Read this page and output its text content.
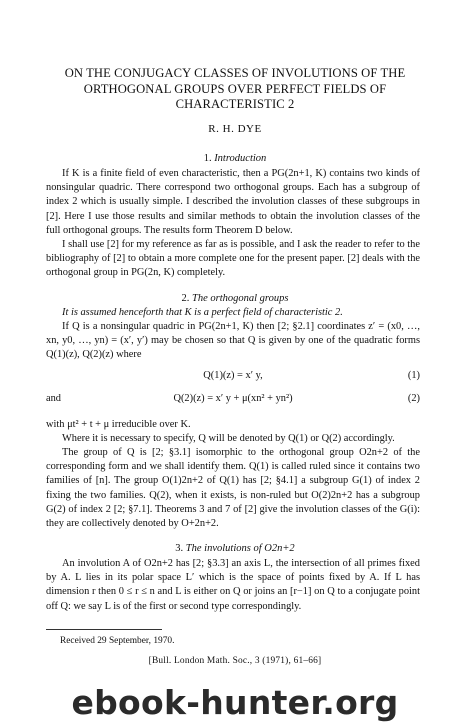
ON THE CONJUGACY CLASSES OF INVOLUTIONS OF THE ORTHOGONAL GROUPS OVER PERFECT FIELDS OF CHARACTERISTIC 2
R. H. DYE
1. Introduction
If K is a finite field of even characteristic, then a PG(2n+1, K) contains two kinds of nonsingular quadric. There correspond two orthogonal groups. Each has a subgroup of index 2 which is usually simple. I described the involution classes of these subgroups in [2]. Here I use those results and similar methods to obtain the involution classes of the full orthogonal groups. The results form Theorem D below.
I shall use [2] for my reference as far as is possible, and I ask the reader to refer to the bibliography of [2] to obtain a more complete one for the present paper. [2] deals with the orthogonal group in PG(2n, K) completely.
2. The orthogonal groups
It is assumed henceforth that K is a perfect field of characteristic 2.
If Q is a nonsingular quadric in PG(2n+1, K) then [2; §2.1] coordinates z′ = (x0, …, xn, y0, …, yn) = (x′, y′) may be chosen so that Q is given by one of the quadratic forms Q(1)(z), Q(2)(z) where
Q(1)(z) = x′ y,	(1)
and	Q(2)(z) = x′ y + μ(xn² + yn²)	(2)
with μt² + t + μ irreducible over K.
Where it is necessary to specify, Q will be denoted by Q(1) or Q(2) accordingly.
The group of Q is [2; §3.1] isomorphic to the orthogonal group O2n+2 of the corresponding form and we shall identify them. Q(1) is called ruled since it contains two families of [n]. The group O(1)2n+2 of Q(1) has [2; §4.1] a subgroup G(1) of index 2 fixing the two families. Q(2), when it exists, is non-ruled but O(2)2n+2 has a subgroup G(2) of index 2 [2; §7.1]. Theorems 3 and 7 of [2] give the involution classes of the G(i): they are collectively denoted by O+2n+2.
3. The involutions of O2n+2
An involution A of O2n+2 has [2; §3.3] an axis L, the intersection of all primes fixed by A. L lies in its polar space L′ which is the space of points fixed by A. If L has dimension r then 0 ≤ r ≤ n and L is either on Q or joins an [r−1] on Q to a conjugate point off Q: we say L is of the first or second type correspondingly.
Received 29 September, 1970.
[Bull. London Math. Soc., 3 (1971), 61–66]
ebook-hunter.org
